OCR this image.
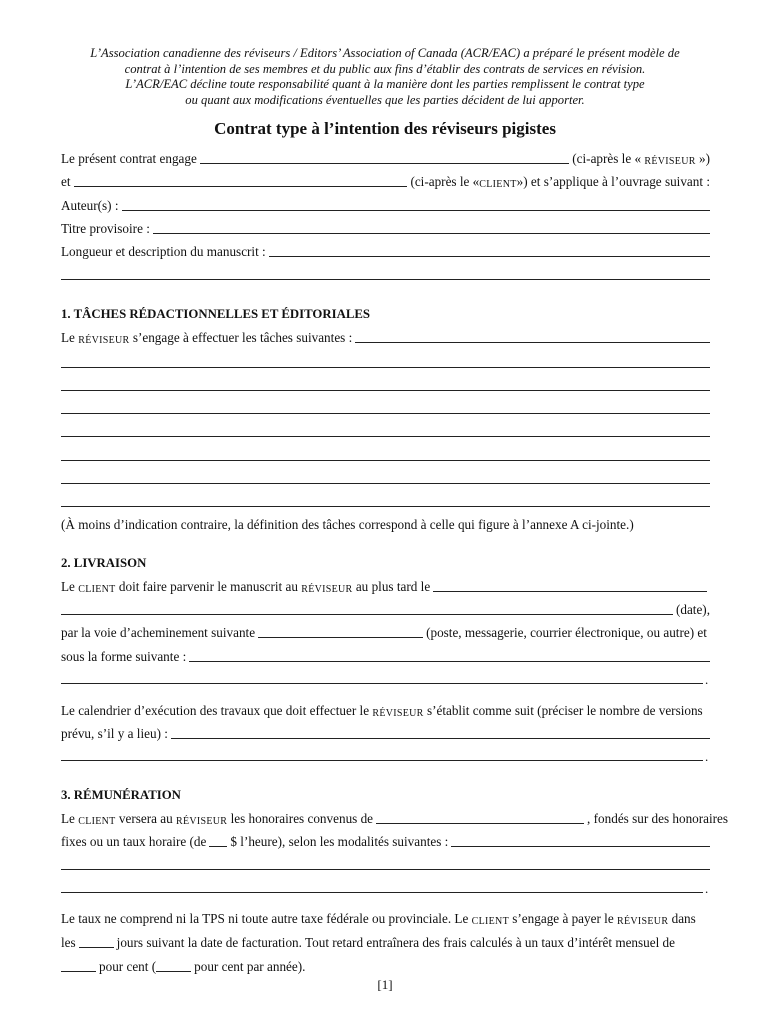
L’Association canadienne des réviseurs / Editors’ Association of Canada (ACR/EAC) a préparé le présent modèle de
contrat à l’intention de ses membres et du public aux fins d’établir des contrats de services en révision.
L’ACR/EAC décline toute responsabilité quant à la manière dont les parties remplissent le contrat type
ou quant aux modifications éventuelles que les parties décident de lui apporter.
Contrat type à l’intention des réviseurs pigistes
Le présent contrat engage	(ci-après le «
RÉVISEUR
»)
et	(ci-après le « CLIENT ») et s’applique à l’ouvrage suivant :
Auteur(s) :
Titre provisoire :
Longueur et description du manuscrit :
1. TÂCHES RÉDACTIONNELLES ET ÉDITORIALES
Le
RÉVISEUR
s’engage à effectuer les tâches suivantes :
(À moins d’indication contraire, la définition des tâches correspond à celle qui figure à l’annexe A ci-jointe.)
2. LIVRAISON
Le
CLIENT
doit faire parvenir le manuscrit au
RÉVISEUR
au plus tard le
(date),
par la voie d’acheminement suivante	(poste, messagerie, courrier électronique, ou autre) et
sous la forme suivante :
.
Le calendrier d’exécution des travaux que doit effectuer le
RÉVISEUR
s’établit comme suit (préciser le nombre de versions
prévu, s’il y a lieu) :
.
3. RÉMUNÉRATION
Le
CLIENT
versera au
RÉVISEUR
les honoraires convenus de	, fondés sur des honoraires
fixes ou un taux horaire (de $ l’heure), selon les modalités suivantes :
.
Le taux ne comprend ni la TPS ni toute autre taxe fédérale ou provinciale. Le
CLIENT
s’engage à payer le
RÉVISEUR
dans
les	jours suivant la date de facturation. Tout retard entraînera des frais calculés à un taux d’intérêt mensuel de
pour cent (	pour cent par année).
[1]
